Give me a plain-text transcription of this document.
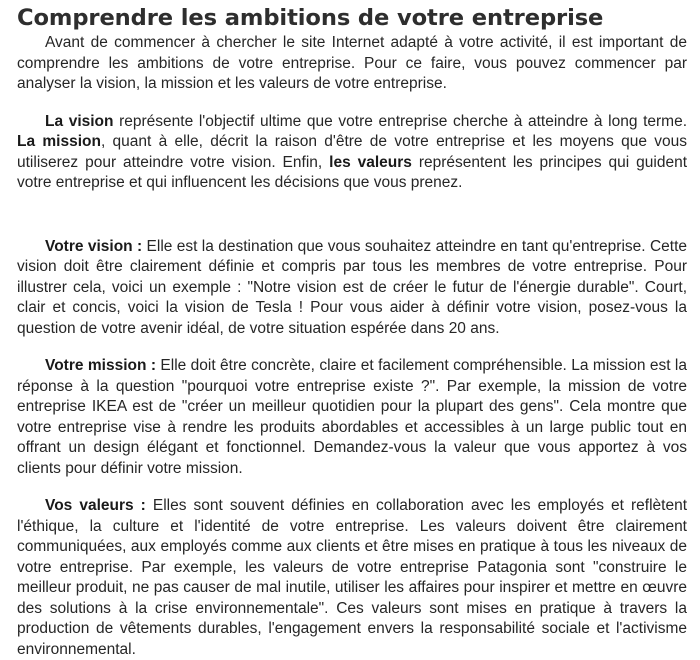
Comprendre les ambitions de votre entreprise

Avant de commencer à chercher le site Internet adapté à votre activité, il est important de comprendre les ambitions de votre entreprise. Pour ce faire, vous pouvez commencer par analyser la vision, la mission et les valeurs de votre entreprise.

La vision représente l'objectif ultime que votre entreprise cherche à atteindre à long terme. La mission, quant à elle, décrit la raison d'être de votre entreprise et les moyens que vous utiliserez pour atteindre votre vision. Enfin, les valeurs représentent les principes qui guident votre entreprise et qui influencent les décisions que vous prenez.

Votre vision : Elle est la destination que vous souhaitez atteindre en tant qu'entreprise. Cette vision doit être clairement définie et compris par tous les membres de votre entreprise. Pour illustrer cela, voici un exemple : "Notre vision est de créer le futur de l'énergie durable". Court, clair et concis, voici la vision de Tesla ! Pour vous aider à définir votre vision, posez-vous la question de votre avenir idéal, de votre situation espérée dans 20 ans.

Votre mission : Elle doit être concrète, claire et facilement compréhensible. La mission est la réponse à la question "pourquoi votre entreprise existe ?". Par exemple, la mission de votre entreprise IKEA est de "créer un meilleur quotidien pour la plupart des gens". Cela montre que votre entreprise vise à rendre les produits abordables et accessibles à un large public tout en offrant un design élégant et fonctionnel. Demandez-vous la valeur que vous apportez à vos clients pour définir votre mission.

Vos valeurs : Elles sont souvent définies en collaboration avec les employés et reflètent l'éthique, la culture et l'identité de votre entreprise. Les valeurs doivent être clairement communiquées, aux employés comme aux clients et être mises en pratique à tous les niveaux de votre entreprise. Par exemple, les valeurs de votre entreprise Patagonia sont "construire le meilleur produit, ne pas causer de mal inutile, utiliser les affaires pour inspirer et mettre en œuvre des solutions à la crise environnementale". Ces valeurs sont mises en pratique à travers la production de vêtements durables, l'engagement envers la responsabilité sociale et l'activisme environnemental.
